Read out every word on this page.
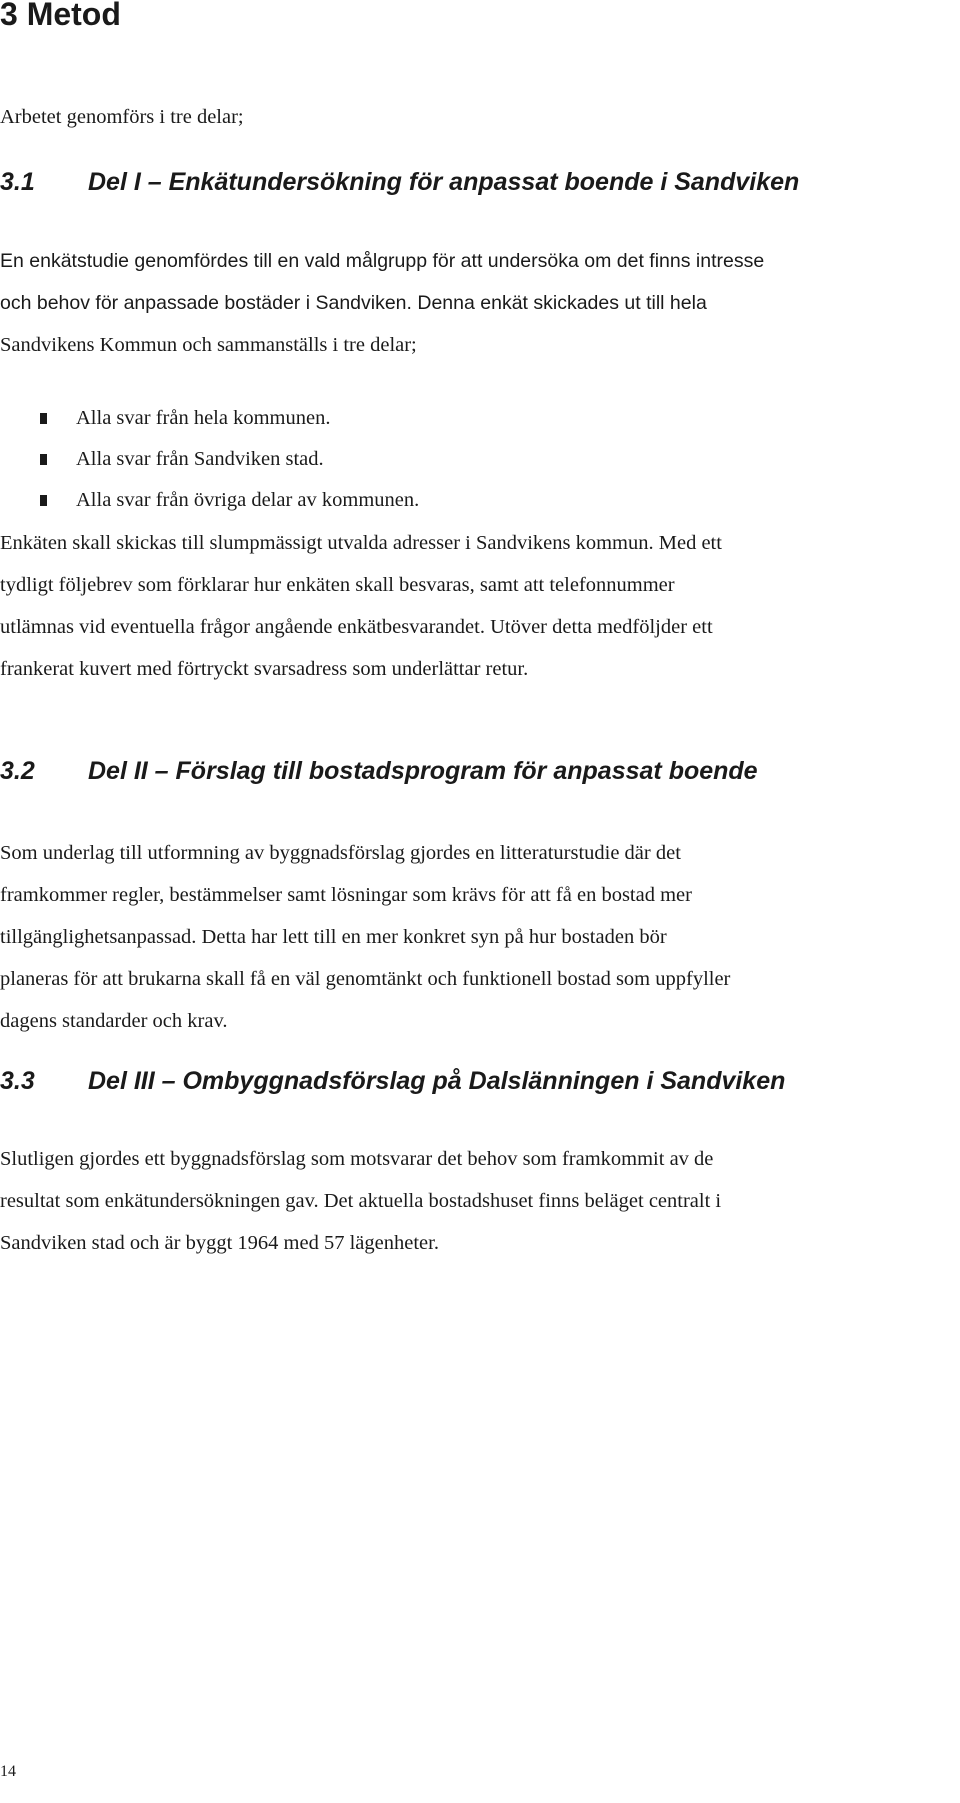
3 Metod

Arbetet genomförs i tre delar;

3.1 Del I – Enkätundersökning för anpassat boende i Sandviken
En enkätstudie genomfördes till en vald målgrupp för att undersöka om det finns intresse
och behov för anpassade bostäder i Sandviken. Denna enkät skickades ut till hela
Sandvikens Kommun och sammanställs i tre delar;
Alla svar från hela kommunen.
Alla svar från Sandviken stad.
Alla svar från övriga delar av kommunen.
Enkäten skall skickas till slumpmässigt utvalda adresser i Sandvikens kommun. Med ett
tydligt följebrev som förklarar hur enkäten skall besvaras, samt att telefonnummer
utlämnas vid eventuella frågor angående enkätbesvarandet. Utöver detta medföljder ett
frankerat kuvert med förtryckt svarsadress som underlättar retur.
3.2 Del II – Förslag till bostadsprogram för anpassat boende
Som underlag till utformning av byggnadsförslag gjordes en litteraturstudie där det
framkommer regler, bestämmelser samt lösningar som krävs för att få en bostad mer
tillgänglighetsanpassad. Detta har lett till en mer konkret syn på hur bostaden bör
planeras för att brukarna skall få en väl genomtänkt och funktionell bostad som uppfyller
dagens standarder och krav.
3.3 Del III – Ombyggnadsförslag på Dalslänningen i Sandviken
Slutligen gjordes ett byggnadsförslag som motsvarar det behov som framkommit av de
resultat som enkätundersökningen gav. Det aktuella bostadshuset finns beläget centralt i
Sandviken stad och är byggt 1964 med 57 lägenheter.
14
